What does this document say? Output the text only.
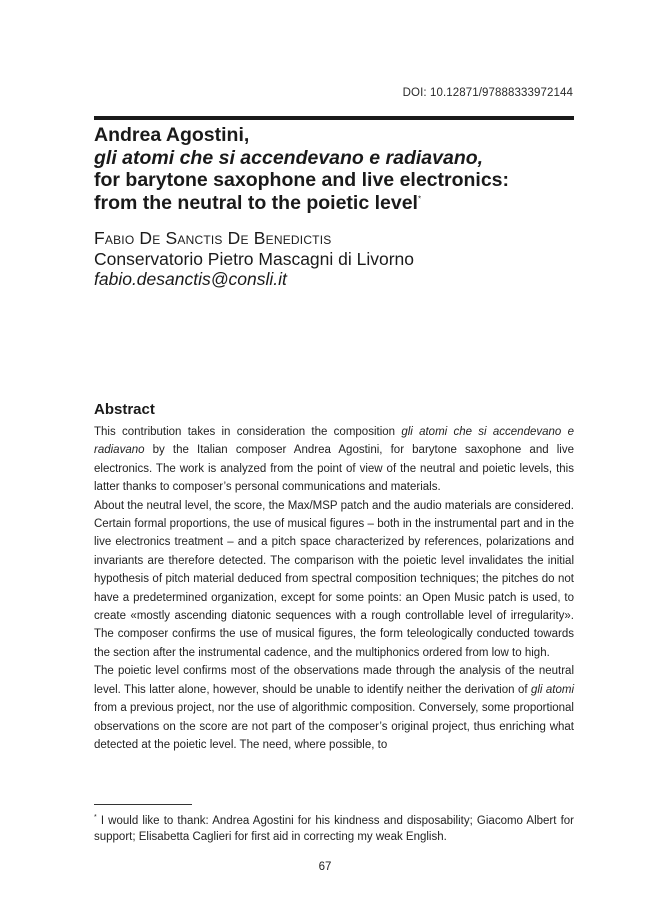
DOI: 10.12871/97888333972144
Andrea Agostini,
gli atomi che si accendevano e radiavano,
for barytone saxophone and live electronics:
from the neutral to the poietic level*
Fabio De Sanctis De Benedictis
Conservatorio Pietro Mascagni di Livorno
fabio.desanctis@consli.it
Abstract

This contribution takes in consideration the composition gli atomi che si accendevano e radiavano by the Italian composer Andrea Agostini, for barytone saxophone and live electronics. The work is analyzed from the point of view of the neutral and poietic levels, this latter thanks to composer’s personal communications and materials.

About the neutral level, the score, the Max/MSP patch and the audio materials are considered. Certain formal proportions, the use of musical figures – both in the instrumental part and in the live electronics treatment – and a pitch space characterized by references, polarizations and invariants are therefore detected. The comparison with the poietic level invalidates the initial hypothesis of pitch material deduced from spectral composition techniques; the pitches do not have a predetermined organization, except for some points: an Open Music patch is used, to create «mostly ascending diatonic sequences with a rough controllable level of irregularity». The composer confirms the use of musical figures, the form teleologically conducted towards the section after the instrumental cadence, and the multiphonics ordered from low to high.

The poietic level confirms most of the observations made through the analysis of the neutral level. This latter alone, however, should be unable to identify neither the derivation of gli atomi from a previous project, nor the use of algorithmic composition. Conversely, some proportional observations on the score are not part of the composer’s original project, thus enriching what detected at the poietic level. The need, where possible, to

* I would like to thank: Andrea Agostini for his kindness and disposability; Giacomo Albert for support; Elisabetta Caglieri for first aid in correcting my weak English.
67
